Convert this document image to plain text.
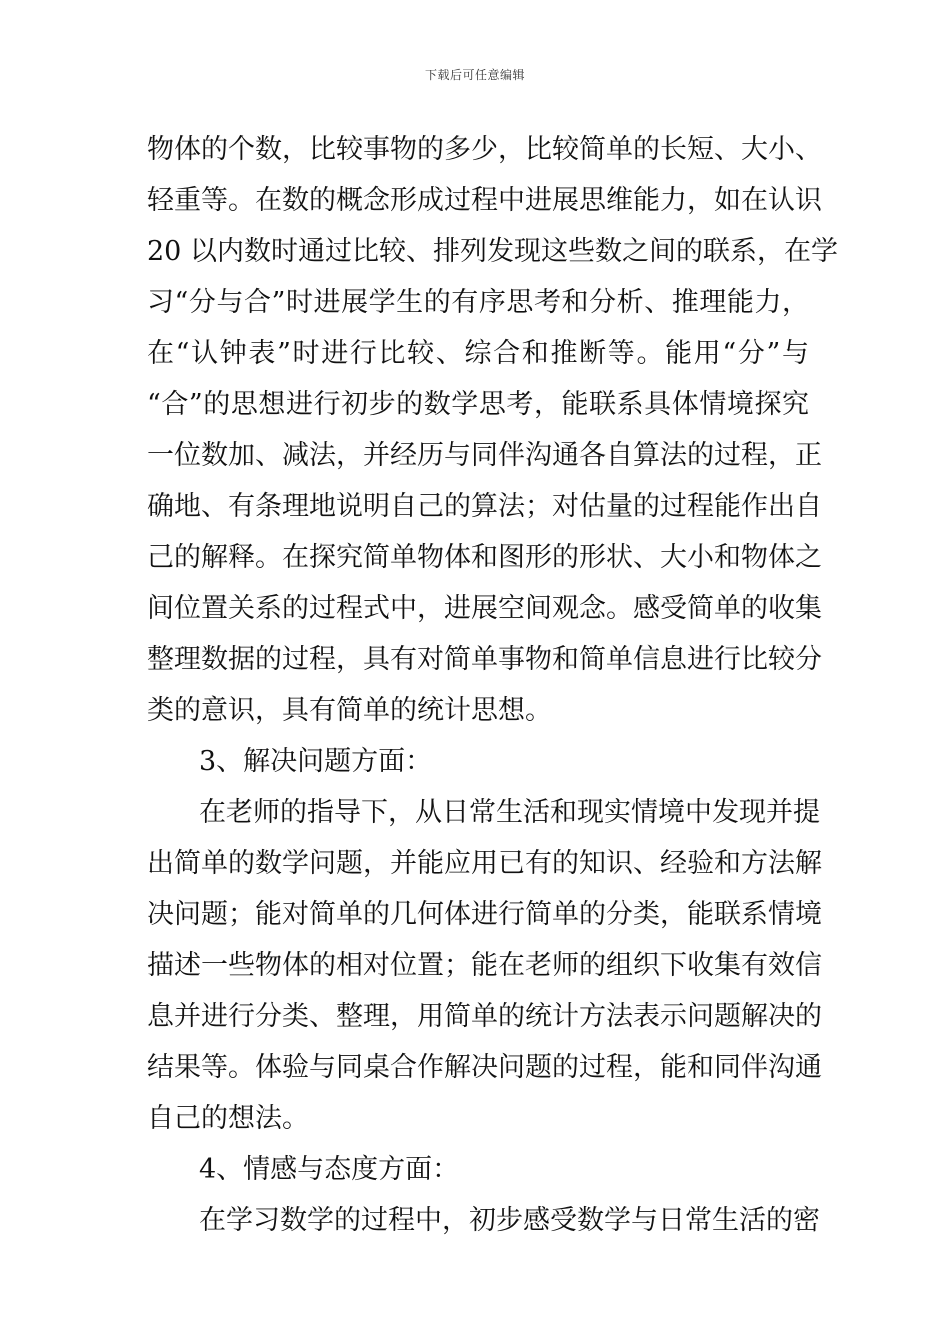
下载后可任意编辑
物体的个数，比较事物的多少，比较简单的长短、大小、
轻重等。在数的概念形成过程中进展思维能力，如在认识
20 以内数时通过比较、排列发现这些数之间的联系，在学
习“分与合”时进展学生的有序思考和分析、推理能力，
在“认钟表”时进行比较、综合和推断等。能用“分”与
“合”的思想进行初步的数学思考，能联系具体情境探究
一位数加、减法，并经历与同伴沟通各自算法的过程，正
确地、有条理地说明自己的算法；对估量的过程能作出自
己的解释。在探究简单物体和图形的形状、大小和物体之
间位置关系的过程式中，进展空间观念。感受简单的收集
整理数据的过程，具有对简单事物和简单信息进行比较分
类的意识，具有简单的统计思想。
3、解决问题方面：
在老师的指导下，从日常生活和现实情境中发现并提
出简单的数学问题，并能应用已有的知识、经验和方法解
决问题；能对简单的几何体进行简单的分类，能联系情境
描述一些物体的相对位置；能在老师的组织下收集有效信
息并进行分类、整理，用简单的统计方法表示问题解决的
结果等。体验与同桌合作解决问题的过程，能和同伴沟通
自己的想法。
4、情感与态度方面：
在学习数学的过程中，初步感受数学与日常生活的密
